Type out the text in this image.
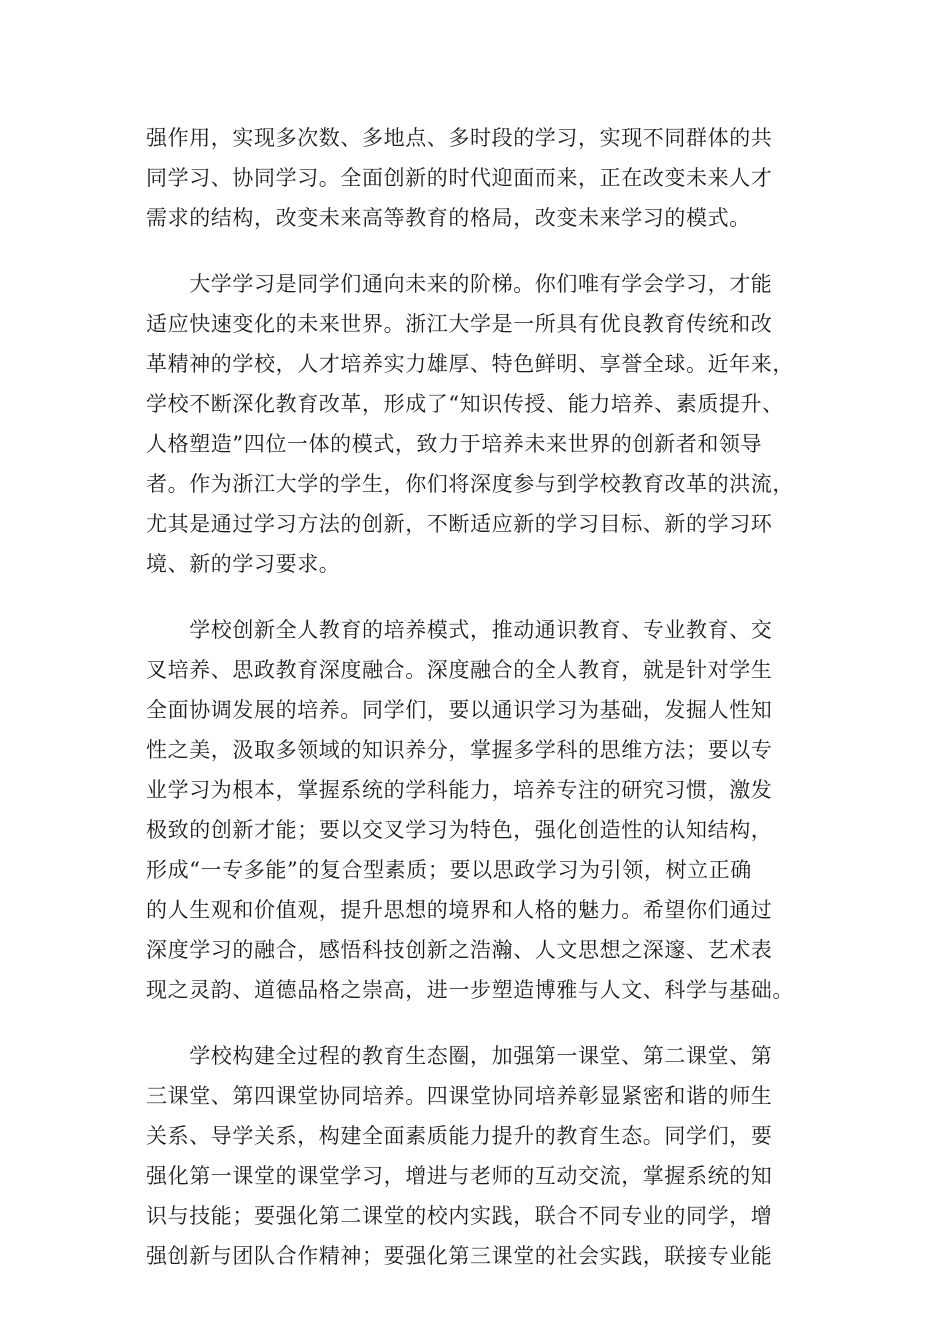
强作用，实现多次数、多地点、多时段的学习，实现不同群体的共
同学习、协同学习。全面创新的时代迎面而来，正在改变未来人才
需求的结构，改变未来高等教育的格局，改变未来学习的模式。

　　大学学习是同学们通向未来的阶梯。你们唯有学会学习，才能
适应快速变化的未来世界。浙江大学是一所具有优良教育传统和改
革精神的学校，人才培养实力雄厚、特色鲜明、享誉全球。近年来，
学校不断深化教育改革，形成了“知识传授、能力培养、素质提升、
人格塑造”四位一体的模式，致力于培养未来世界的创新者和领导
者。作为浙江大学的学生，你们将深度参与到学校教育改革的洪流，
尤其是通过学习方法的创新，不断适应新的学习目标、新的学习环
境、新的学习要求。

　　学校创新全人教育的培养模式，推动通识教育、专业教育、交
叉培养、思政教育深度融合。深度融合的全人教育，就是针对学生
全面协调发展的培养。同学们，要以通识学习为基础，发掘人性知
性之美，汲取多领域的知识养分，掌握多学科的思维方法；要以专
业学习为根本，掌握系统的学科能力，培养专注的研究习惯，激发
极致的创新才能；要以交叉学习为特色，强化创造性的认知结构，
形成“一专多能”的复合型素质；要以思政学习为引领，树立正确
的人生观和价值观，提升思想的境界和人格的魅力。希望你们通过
深度学习的融合，感悟科技创新之浩瀚、人文思想之深邃、艺术表
现之灵韵、道德品格之崇高，进一步塑造博雅与人文、科学与基础。

　　学校构建全过程的教育生态圈，加强第一课堂、第二课堂、第
三课堂、第四课堂协同培养。四课堂协同培养彰显紧密和谐的师生
关系、导学关系，构建全面素质能力提升的教育生态。同学们，要
强化第一课堂的课堂学习，增进与老师的互动交流，掌握系统的知
识与技能；要强化第二课堂的校内实践，联合不同专业的同学，增
强创新与团队合作精神；要强化第三课堂的社会实践，联接专业能
